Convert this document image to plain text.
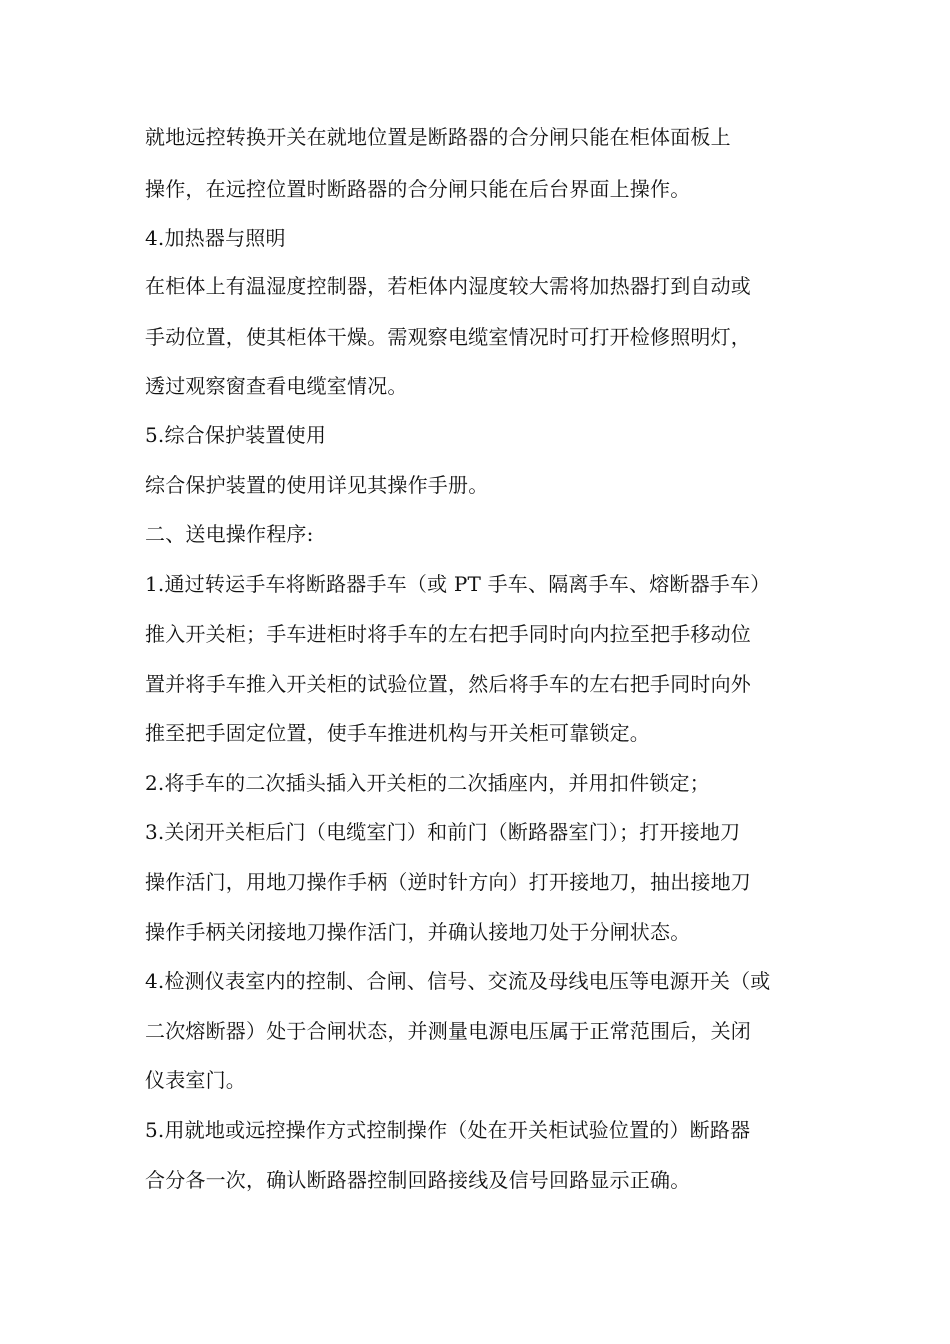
就地远控转换开关在就地位置是断路器的合分闸只能在柜体面板上
操作，在远控位置时断路器的合分闸只能在后台界面上操作。
4.加热器与照明
在柜体上有温湿度控制器，若柜体内湿度较大需将加热器打到自动或
手动位置，使其柜体干燥。需观察电缆室情况时可打开检修照明灯，
透过观察窗查看电缆室情况。
5.综合保护装置使用
综合保护装置的使用详见其操作手册。
二、送电操作程序:
1.通过转运手车将断路器手车（或 PT 手车、隔离手车、熔断器手车）
推入开关柜；手车进柜时将手车的左右把手同时向内拉至把手移动位
置并将手车推入开关柜的试验位置，然后将手车的左右把手同时向外
推至把手固定位置，使手车推进机构与开关柜可靠锁定。
2.将手车的二次插头插入开关柜的二次插座内，并用扣件锁定；
3.关闭开关柜后门（电缆室门）和前门（断路器室门）；打开接地刀
操作活门，用地刀操作手柄（逆时针方向）打开接地刀，抽出接地刀
操作手柄关闭接地刀操作活门，并确认接地刀处于分闸状态。
4.检测仪表室内的控制、合闸、信号、交流及母线电压等电源开关（或
二次熔断器）处于合闸状态，并测量电源电压属于正常范围后，关闭
仪表室门。
5.用就地或远控操作方式控制操作（处在开关柜试验位置的）断路器
合分各一次，确认断路器控制回路接线及信号回路显示正确。
